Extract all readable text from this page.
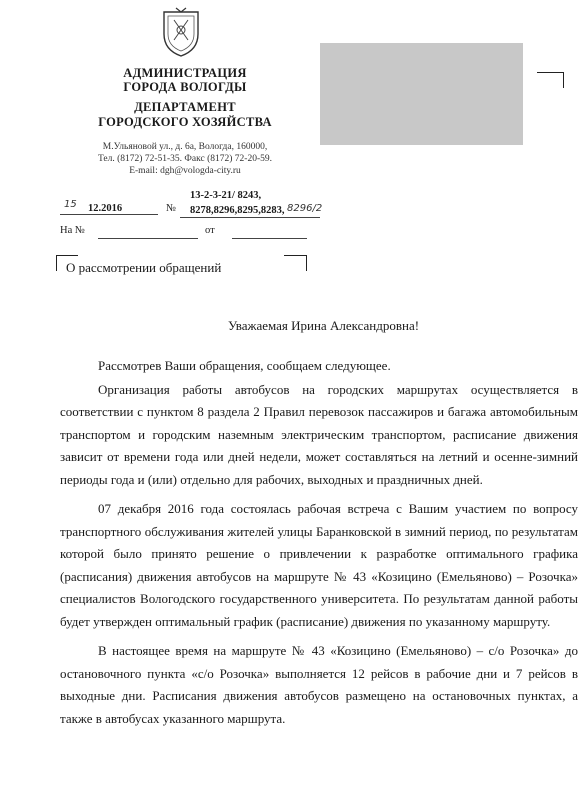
АДМИНИСТРАЦИЯ
ГОРОДА ВОЛОГДЫ
ДЕПАРТАМЕНТ
ГОРОДСКОГО ХОЗЯЙСТВА
М.Ульяновой ул., д. 6а, Вологда, 160000,
Тел. (8172) 72-51-35. Факс (8172) 72-20-59.
E-mail: dgh@vologda-city.ru
15 12.2016	№
13-2-3-21/ 8243,
8278,8296,8295,8283, 8296/2
На №	от
О рассмотрении обращений
Уважаемая Ирина Александровна!

Рассмотрев Ваши обращения, сообщаем следующее.

Организация работы автобусов на городских маршрутах осуществляется в соответствии с пунктом 8 раздела 2 Правил перевозок пассажиров и багажа автомобильным транспортом и городским наземным электрическим транспортом, расписание движения зависит от времени года или дней недели, может составляться на летний и осенне-зимний периоды года и (или) отдельно для рабочих, выходных и праздничных дней.

07 декабря 2016 года состоялась рабочая встреча с Вашим участием по вопросу транспортного обслуживания жителей улицы Баранковской в зимний период, по результатам которой было принято решение о привлечении к разработке оптимального графика (расписания) движения автобусов на маршруте № 43 «Козицино (Емельяново) – Розочка» специалистов Вологодского государственного университета. По результатам данной работы будет утвержден оптимальный график (расписание) движения по указанному маршруту.

В настоящее время на маршруте № 43 «Козицино (Емельяново) – с/о Розочка» до остановочного пункта «с/о Розочка» выполняется 12 рейсов в рабочие дни и 7 рейсов в выходные дни. Расписания движения автобусов размещено на остановочных пунктах, а также в автобусах указанного маршрута.
